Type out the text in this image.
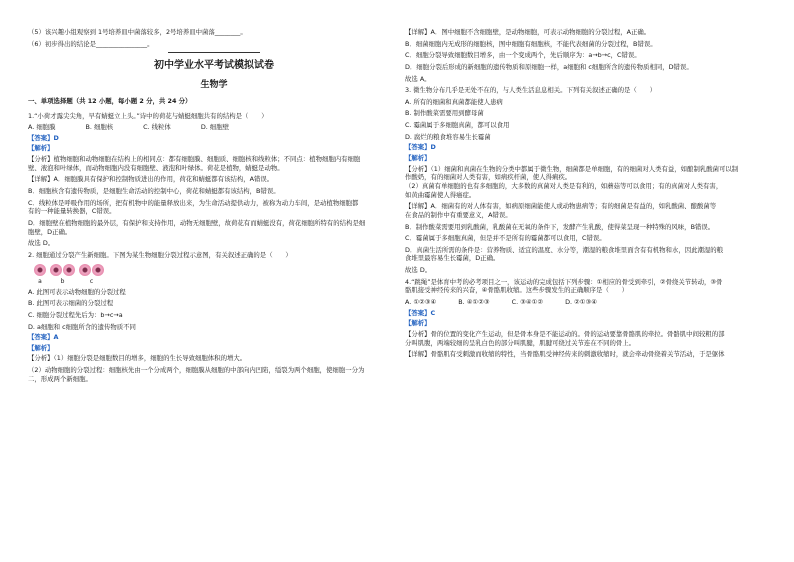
（5）该兴趣小组观察到 1号培养皿中菌落较多，2号培养皿中菌落________。

（6）初步得出的结论是________________。

初中学业水平考试模拟试卷
生物学

一、单项选择题（共 12 小题，每小题 2 分，共 24 分）

1.“小荷才露尖尖角，早有蜻蜓立上头。”诗中的荷花与蜻蜓细胞共有的结构是（　　）

A. 细胞膜	B. 细胞核	C. 线粒体	D. 细胞壁

【答案】D

【解析】

【分析】植物细胞和动物细胞在结构上的相同点：都有细胞膜、细胞质、细胞核和线粒体；不同点：植物细胞内有细胞

壁、液泡和叶绿体，而动物细胞内没有细胞壁、液泡和叶绿体。荷花是植物，蜻蜓是动物。

【详解】A．细胞膜具有保护和控制物质进出的作用，荷花和蜻蜓都有该结构，A错误。

B．细胞核含有遗传物质，是细胞生命活动的控制中心，荷花和蜻蜓都有该结构，B错误。

C．线粒体是呼吸作用的场所，把有机物中的能量释放出来，为生命活动提供动力，被称为动力车间，是动植物细胞都

有的一种能量转换器，C错误。

D．细胞壁在植物细胞的最外层，有保护和支持作用，动物无细胞壁，故荷花有而蜻蜓没有，荷花细胞所特有的结构是细

胞壁，D正确。

故选 D。

2. 细胞通过分裂产生新细胞。下图为某生物细胞分裂过程示意图，有关叙述正确的是（　　）

a	b	c

A. 此图可表示动物细胞的分裂过程

B. 此图可表示细菌的分裂过程

C. 细胞分裂过程先后为：b→c→a

D. a细胞和 c细胞所含的遗传物质不同

【答案】A

【解析】

【分析】（1）细胞分裂是细胞数目的增多，细胞的生长导致细胞体积的增大。

（2）动物细胞的分裂过程：细胞核先由一个分成两个，细胞膜从细胞的中部向内凹陷，缢裂为两个细胞，使细胞一分为

二，形成两个新细胞。

【详解】A．图中细胞不含细胞壁，是动物细胞，可表示动物细胞的分裂过程，A正确。

B．细菌细胞内无成形的细胞核，图中细胞有细胞核，不能代表细菌的分裂过程，B错误。

C．细胞分裂导致细胞数目增多，由一个变成两个，先后顺序为：a→b→c，C错误。

D．细胞分裂后形成的新细胞的遗传物质和原细胞一样，a细胞和 c细胞所含的遗传物质相同，D错误。

故选 A。

3. 微生物分布几乎是无处不在的，与人类生活息息相关。下列有关叙述正确的是（　　）

A. 所有的细菌和真菌都能使人患病

B. 制作酸菜需要用到酵母菌

C. 霉菌属于多细胞真菌，都可以食用

D. 腐烂的粮食堆容易生长霉菌

【答案】D

【解析】

【分析】（1）细菌和真菌在生物的分类中都属于微生物，细菌都是单细胞，有的细菌对人类有益，如酿制乳酸菌可以制

作酸奶，有的细菌对人类有害，如病疾杆菌，使人得痢疾。

（2）真菌有单细胞的也有多细胞的，大多数的真菌对人类是有利的，如蘑菇等可以食用；有的真菌对人类有害，

如黄曲霉菌使人得癌症。

【详解】A．细菌有的对人体有害，如病原细菌能使人或动物患病等；有的细菌是有益的，如乳酸菌、酿酸菌等

在食品的制作中有重要意义，A错误。

B．制作酸菜需要用到乳酸菌，乳酸菌在无氧的条件下，发酵产生乳酸，使得菜呈现一种特殊的风味，B错误。

C．霉菌属于多细胞真菌，但是并不是所有的霉菌都可以食用，C错误。

D．真菌生活所需的条件是：营养物质、适宜的温度、水分等，潮湿的粮食堆里面含有有机物和水，因此潮湿的粮

食堆里最容易生长霉菌，D正确。

故选 D。

4.“跳绳”是体育中考的必考项目之一，该运动的完成包括下列步骤：①相应的骨受到牵引，②骨绕关节转动，③骨

骼肌接受神经传来的兴奋，④骨骼肌收缩。这些步骤发生的正确顺序是（　　）

A. ①②③④	B. ④①②③	C. ③④①②	D. ②①③④

【答案】C

【解析】

【分析】骨的位置的变化产生运动，但是骨本身是不能运动的。骨的运动要靠骨骼肌的牵拉。骨骼肌中间较粗的部

分叫肌腹，两端较细的呈乳白色的部分叫肌腱，肌腱可绕过关节连在不同的骨上。

【详解】骨骼肌有受刺激而收缩的特性，当骨骼肌受神经传来的刺激收缩时，就会牵动骨绕着关节活动，于是躯体
